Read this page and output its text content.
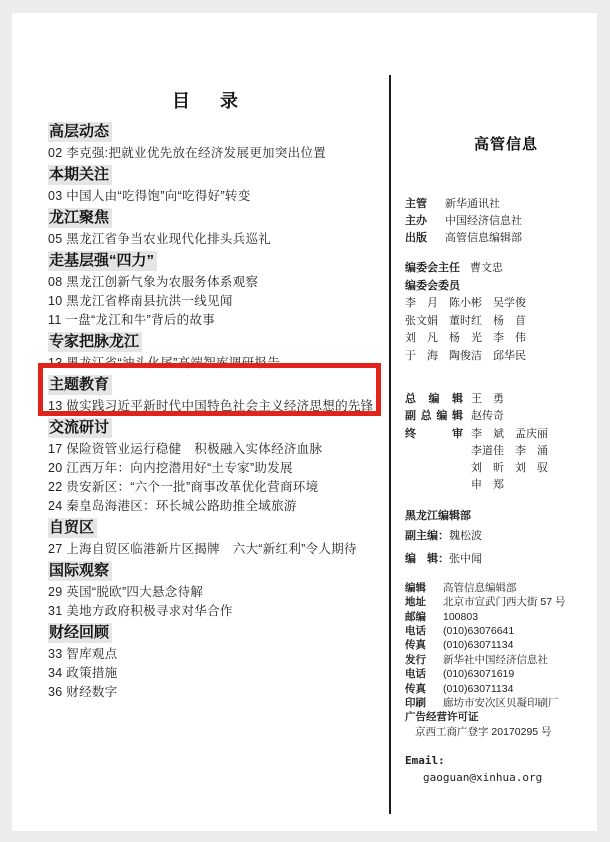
目　录
高层动态
02 李克强:把就业优先放在经济发展更加突出位置
本期关注
03 中国人由“吃得饱”向“吃得好”转变
龙江聚焦
05 黑龙江省争当农业现代化排头兵巡礼
走基层强“四力”
08 黑龙江创新气象为农服务体系观察
10 黑龙江省桦南县抗洪一线见闻
11 一盘“龙江和牛”背后的故事
专家把脉龙江
13 黑龙江省“油头化尾”高端智库调研报告
主题教育
13 做实践习近平新时代中国特色社会主义经济思想的先锋
交流研讨
17 保险资管业运行稳健　积极融入实体经济血脉
20 江西万年：向内挖潜用好“土专家”助发展
22 贵安新区：“六个一批”商事改革优化营商环境
24 秦皇岛海港区：环长城公路助推全域旅游
自贸区
27 上海自贸区临港新片区揭牌　六大“新红利”令人期待
国际观察
29 英国“脱欧”四大悬念待解
31 美地方政府积极寻求对华合作
财经回顾
33 智库观点
34 政策措施
36 财经数字
高管信息
主管	新华通讯社
主办	中国经济信息社
出版	高管信息编辑部
编委会主任 曹文忠
编委会委员
李　月　陈小彬　吴学俊
张文娟　董时红　杨　苜
刘　凡　杨　光　李　伟
于　海　陶俊洁　邱华民
总 编 辑 王　勇
副总编辑 赵传奇
终　审 李　斌　孟庆丽
李道佳　李　涌
刘　昕　刘　驭
申　郑
黑龙江编辑部
副主编： 魏松波
编　辑： 张中闻
编辑	高管信息编辑部
地址	北京市宣武门西大街 57 号
邮编	100803
电话	(010)63076641
传真	(010)63071134
发行	新华社中国经济信息社
电话	(010)63071619
传真	(010)63071134
印刷	廊坊市安次区贝凝印刷厂
广告经营许可证
京西工商广登字 20170295 号
Email:
gaoguan@xinhua.org
